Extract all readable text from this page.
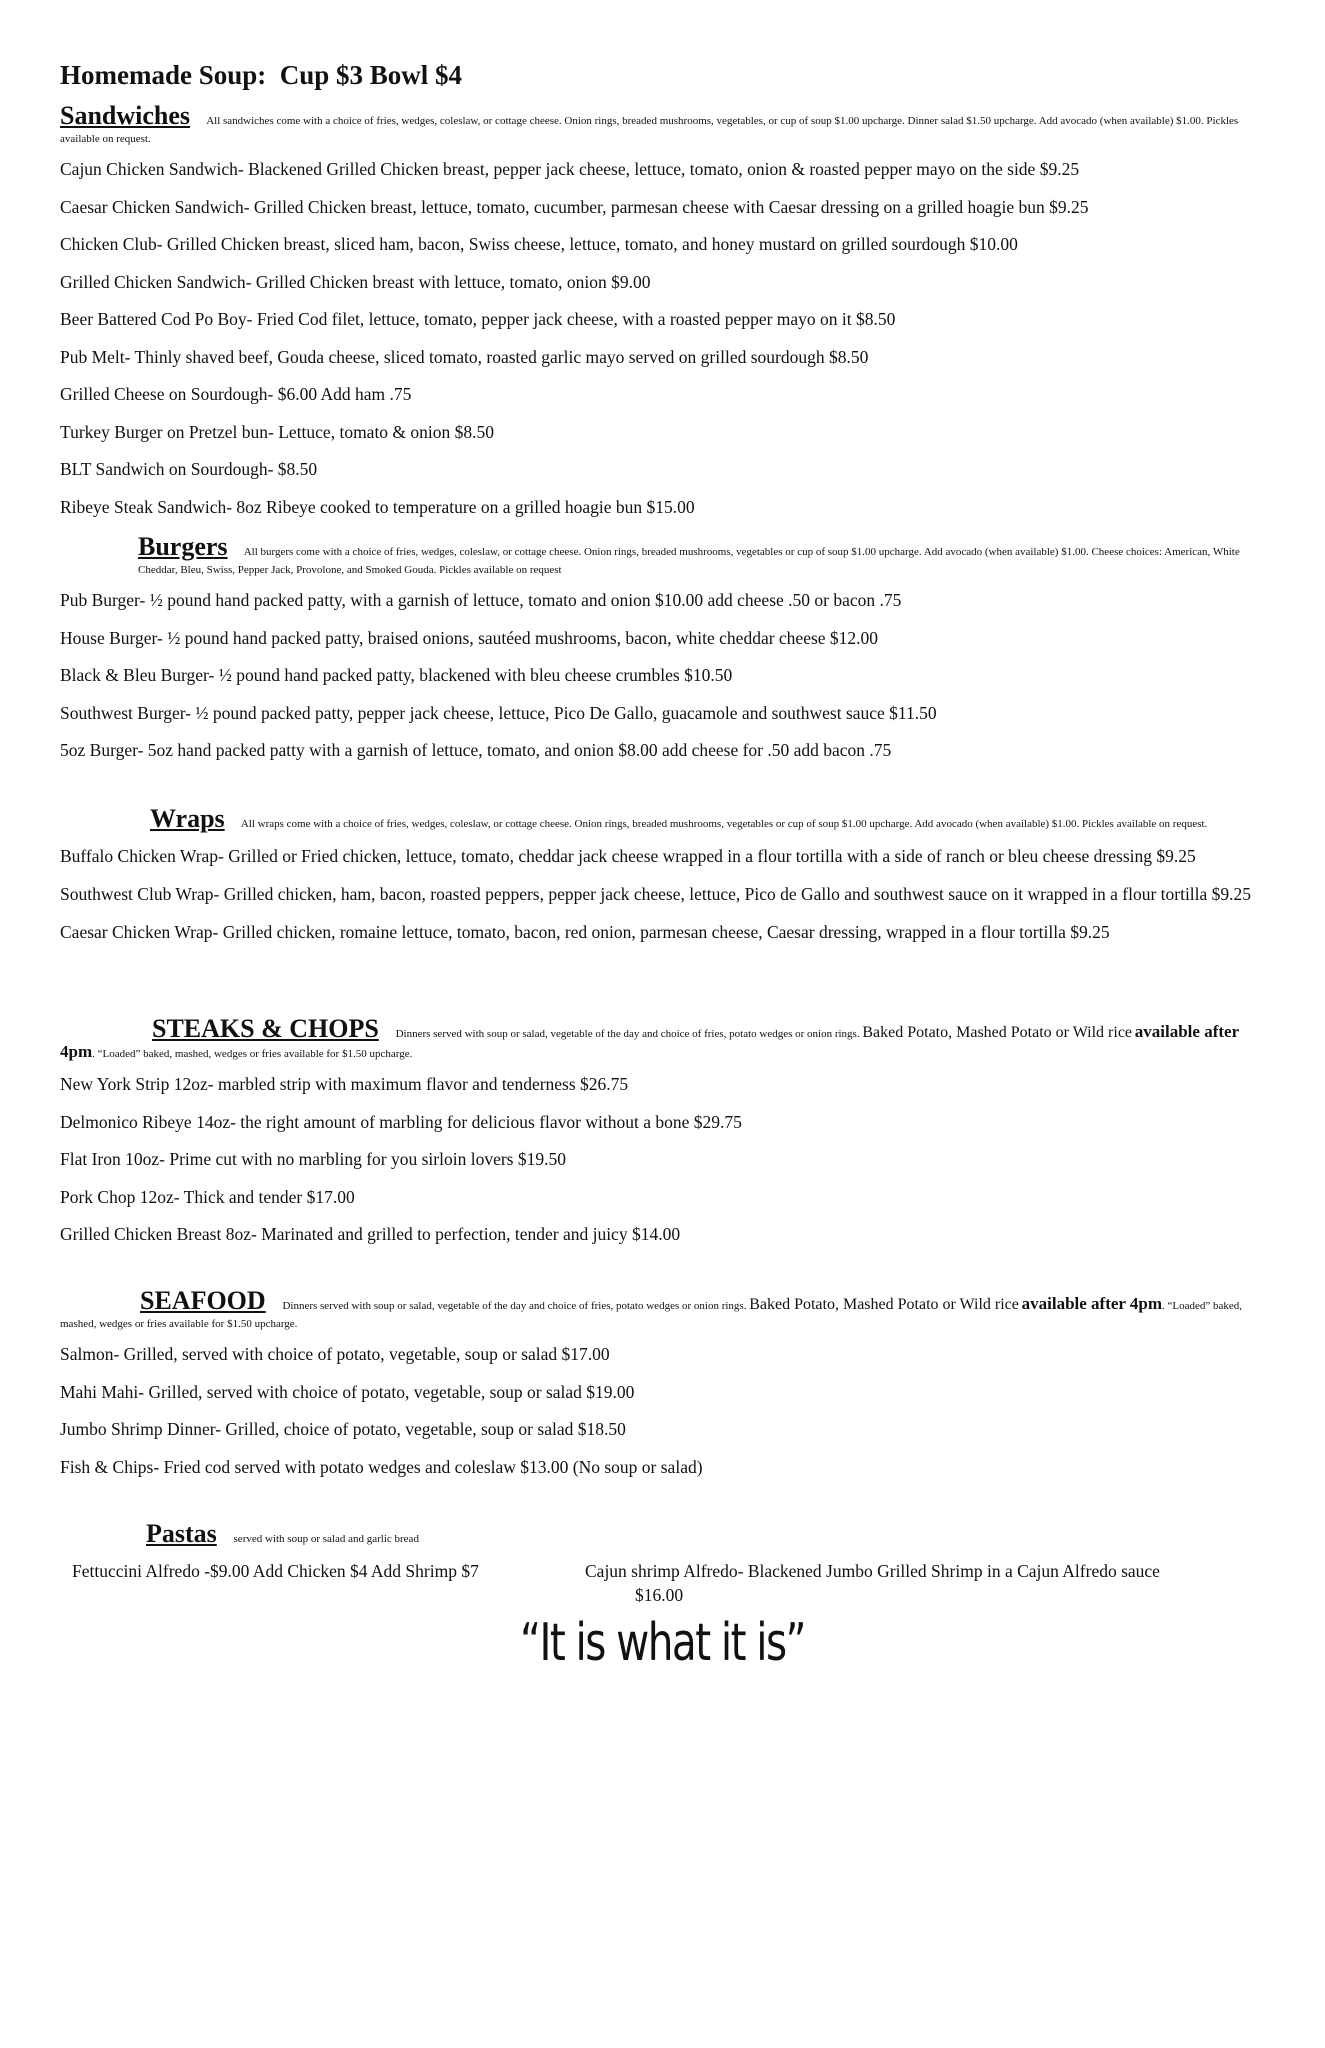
Homemade Soup: Cup $3 Bowl $4
Sandwiches All sandwiches come with a choice of fries, wedges, coleslaw, or cottage cheese. Onion rings, breaded mushrooms, vegetables, or cup of soup $1.00 upcharge. Dinner salad $1.50 upcharge. Add avocado (when available) $1.00. Pickles available on request.

Cajun Chicken Sandwich- Blackened Grilled Chicken breast, pepper jack cheese, lettuce, tomato, onion & roasted pepper mayo on the side $9.25

Caesar Chicken Sandwich- Grilled Chicken breast, lettuce, tomato, cucumber, parmesan cheese with Caesar dressing on a grilled hoagie bun $9.25

Chicken Club- Grilled Chicken breast, sliced ham, bacon, Swiss cheese, lettuce, tomato, and honey mustard on grilled sourdough $10.00

Grilled Chicken Sandwich- Grilled Chicken breast with lettuce, tomato, onion $9.00

Beer Battered Cod Po Boy- Fried Cod filet, lettuce, tomato, pepper jack cheese, with a roasted pepper mayo on it $8.50

Pub Melt- Thinly shaved beef, Gouda cheese, sliced tomato, roasted garlic mayo served on grilled sourdough $8.50

Grilled Cheese on Sourdough- $6.00 Add ham .75

Turkey Burger on Pretzel bun- Lettuce, tomato & onion $8.50

BLT Sandwich on Sourdough- $8.50

Ribeye Steak Sandwich- 8oz Ribeye cooked to temperature on a grilled hoagie bun $15.00

Burgers All burgers come with a choice of fries, wedges, coleslaw, or cottage cheese. Onion rings, breaded mushrooms, vegetables or cup of soup $1.00 upcharge. Add avocado (when available) $1.00. Cheese choices: American, White Cheddar, Bleu, Swiss, Pepper Jack, Provolone, and Smoked Gouda. Pickles available on request

Pub Burger- ½ pound hand packed patty, with a garnish of lettuce, tomato and onion $10.00 add cheese .50 or bacon .75

House Burger- ½ pound hand packed patty, braised onions, sautéed mushrooms, bacon, white cheddar cheese $12.00

Black & Bleu Burger- ½ pound hand packed patty, blackened with bleu cheese crumbles $10.50

Southwest Burger- ½ pound packed patty, pepper jack cheese, lettuce, Pico De Gallo, guacamole and southwest sauce $11.50

5oz Burger- 5oz hand packed patty with a garnish of lettuce, tomato, and onion $8.00 add cheese for .50 add bacon .75

Wraps All wraps come with a choice of fries, wedges, coleslaw, or cottage cheese. Onion rings, breaded mushrooms, vegetables or cup of soup $1.00 upcharge. Add avocado (when available) $1.00. Pickles available on request.

Buffalo Chicken Wrap- Grilled or Fried chicken, lettuce, tomato, cheddar jack cheese wrapped in a flour tortilla with a side of ranch or bleu cheese dressing $9.25

Southwest Club Wrap- Grilled chicken, ham, bacon, roasted peppers, pepper jack cheese, lettuce, Pico de Gallo and southwest sauce on it wrapped in a flour tortilla $9.25

Caesar Chicken Wrap- Grilled chicken, romaine lettuce, tomato, bacon, red onion, parmesan cheese, Caesar dressing, wrapped in a flour tortilla $9.25

STEAKS & CHOPS Dinners served with soup or salad, vegetable of the day and choice of fries, potato wedges or onion rings. Baked Potato, Mashed Potato or Wild rice available after 4pm. “Loaded” baked, mashed, wedges or fries available for $1.50 upcharge.

New York Strip 12oz- marbled strip with maximum flavor and tenderness $26.75

Delmonico Ribeye 14oz- the right amount of marbling for delicious flavor without a bone $29.75

Flat Iron 10oz- Prime cut with no marbling for you sirloin lovers $19.50

Pork Chop 12oz- Thick and tender $17.00

Grilled Chicken Breast 8oz- Marinated and grilled to perfection, tender and juicy $14.00

SEAFOOD Dinners served with soup or salad, vegetable of the day and choice of fries, potato wedges or onion rings. Baked Potato, Mashed Potato or Wild rice available after 4pm. “Loaded” baked, mashed, wedges or fries available for $1.50 upcharge.

Salmon- Grilled, served with choice of potato, vegetable, soup or salad $17.00

Mahi Mahi- Grilled, served with choice of potato, vegetable, soup or salad $19.00

Jumbo Shrimp Dinner- Grilled, choice of potato, vegetable, soup or salad $18.50

Fish & Chips- Fried cod served with potato wedges and coleslaw $13.00 (No soup or salad)

Pastas served with soup or salad and garlic bread
Fettuccini Alfredo -$9.00 Add Chicken $4 Add Shrimp $7	Cajun shrimp Alfredo- Blackened Jumbo Grilled Shrimp in a Cajun Alfredo sauce
$16.00
“It is what it is”
